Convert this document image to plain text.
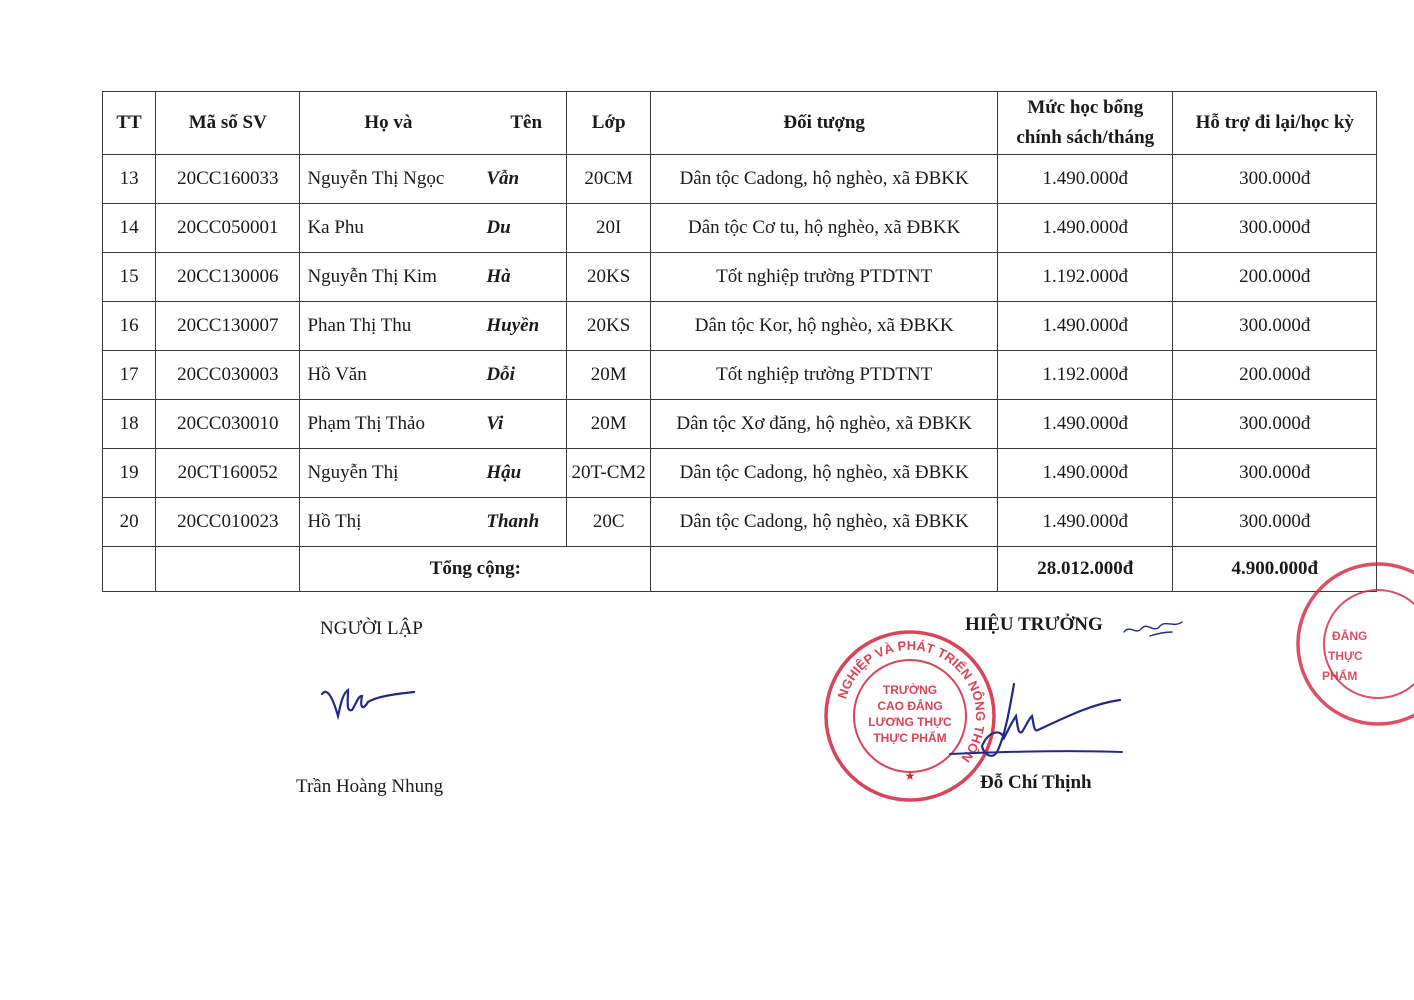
TT	Mã số SV	Họ và	Tên	Lớp	Đối tượng	Mức học bổng
chính sách/tháng	Hỗ trợ đi lại/học kỳ
13	20CC160033	Nguyễn Thị Ngọc	Vẫn	20CM	Dân tộc Cadong, hộ nghèo, xã ĐBKK	1.490.000đ	300.000đ
14	20CC050001	Ka Phu	Du	20I	Dân tộc Cơ tu, hộ nghèo, xã ĐBKK	1.490.000đ	300.000đ
15	20CC130006	Nguyễn Thị Kim	Hà	20KS	Tốt nghiệp trường PTDTNT	1.192.000đ	200.000đ
16	20CC130007	Phan Thị Thu	Huyền	20KS	Dân tộc Kor, hộ nghèo, xã ĐBKK	1.490.000đ	300.000đ
17	20CC030003	Hồ Văn	Dỗi	20M	Tốt nghiệp trường PTDTNT	1.192.000đ	200.000đ
18	20CC030010	Phạm Thị Thảo	Vi	20M	Dân tộc Xơ đăng, hộ nghèo, xã ĐBKK	1.490.000đ	300.000đ
19	20CT160052	Nguyễn Thị	Hậu	20T-CM2	Dân tộc Cadong, hộ nghèo, xã ĐBKK	1.490.000đ	300.000đ
20	20CC010023	Hồ Thị	Thanh	20C	Dân tộc Cadong, hộ nghèo, xã ĐBKK	1.490.000đ	300.000đ
		Tổng cộng:				28.012.000đ	4.900.000đ
NGƯỜI LẬP
Trần Hoàng Nhung
NGHIỆP VÀ PHÁT TRIỂN NÔNG THÔN
TRƯỜNG
CAO ĐẲNG
LƯƠNG THỰC
THỰC PHẨM
★
ĐẲNG
THỰC
PHẨM
HIỆU TRƯỞNG
Đỗ Chí Thịnh
